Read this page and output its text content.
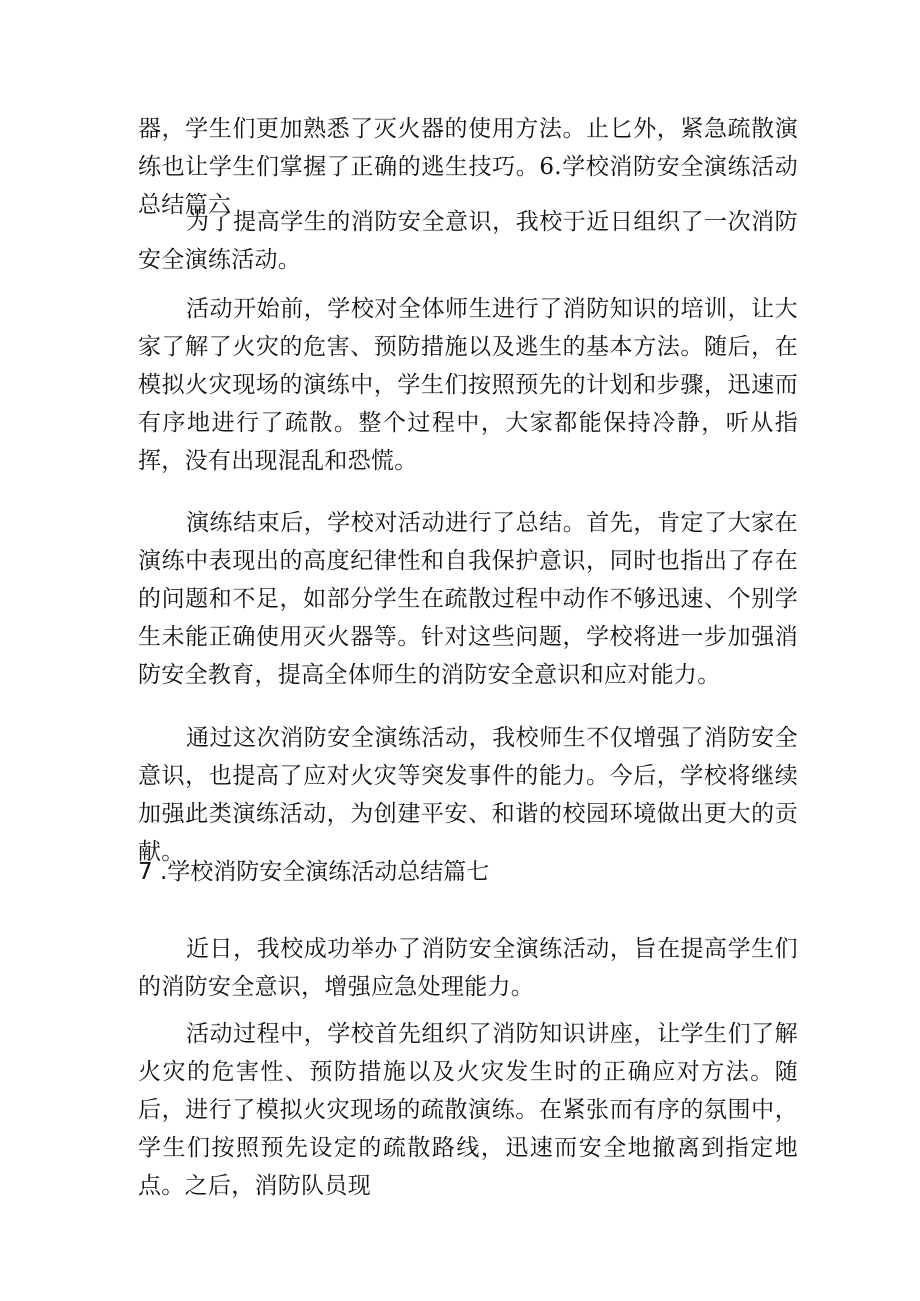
器，学生们更加熟悉了灭火器的使用方法。止匕外，紧急疏散演练也让学生们掌握了正确的逃生技巧。6.学校消防安全演练活动总结篇六

为了提高学生的消防安全意识，我校于近日组织了一次消防安全演练活动。

活动开始前，学校对全体师生进行了消防知识的培训，让大家了解了火灾的危害、预防措施以及逃生的基本方法。随后，在模拟火灾现场的演练中，学生们按照预先的计划和步骤，迅速而有序地进行了疏散。整个过程中，大家都能保持冷静，听从指挥，没有出现混乱和恐慌。

演练结束后，学校对活动进行了总结。首先，肯定了大家在演练中表现出的高度纪律性和自我保护意识，同时也指出了存在的问题和不足，如部分学生在疏散过程中动作不够迅速、个别学生未能正确使用灭火器等。针对这些问题，学校将进一步加强消防安全教育，提高全体师生的消防安全意识和应对能力。

通过这次消防安全演练活动，我校师生不仅增强了消防安全意识，也提高了应对火灾等突发事件的能力。今后，学校将继续加强此类演练活动，为创建平安、和谐的校园环境做出更大的贡献。

7 .学校消防安全演练活动总结篇七

近日，我校成功举办了消防安全演练活动，旨在提高学生们的消防安全意识，增强应急处理能力。

活动过程中，学校首先组织了消防知识讲座，让学生们了解火灾的危害性、预防措施以及火灾发生时的正确应对方法。随后，进行了模拟火灾现场的疏散演练。在紧张而有序的氛围中，学生们按照预先设定的疏散路线，迅速而安全地撤离到指定地点。之后，消防队员现
